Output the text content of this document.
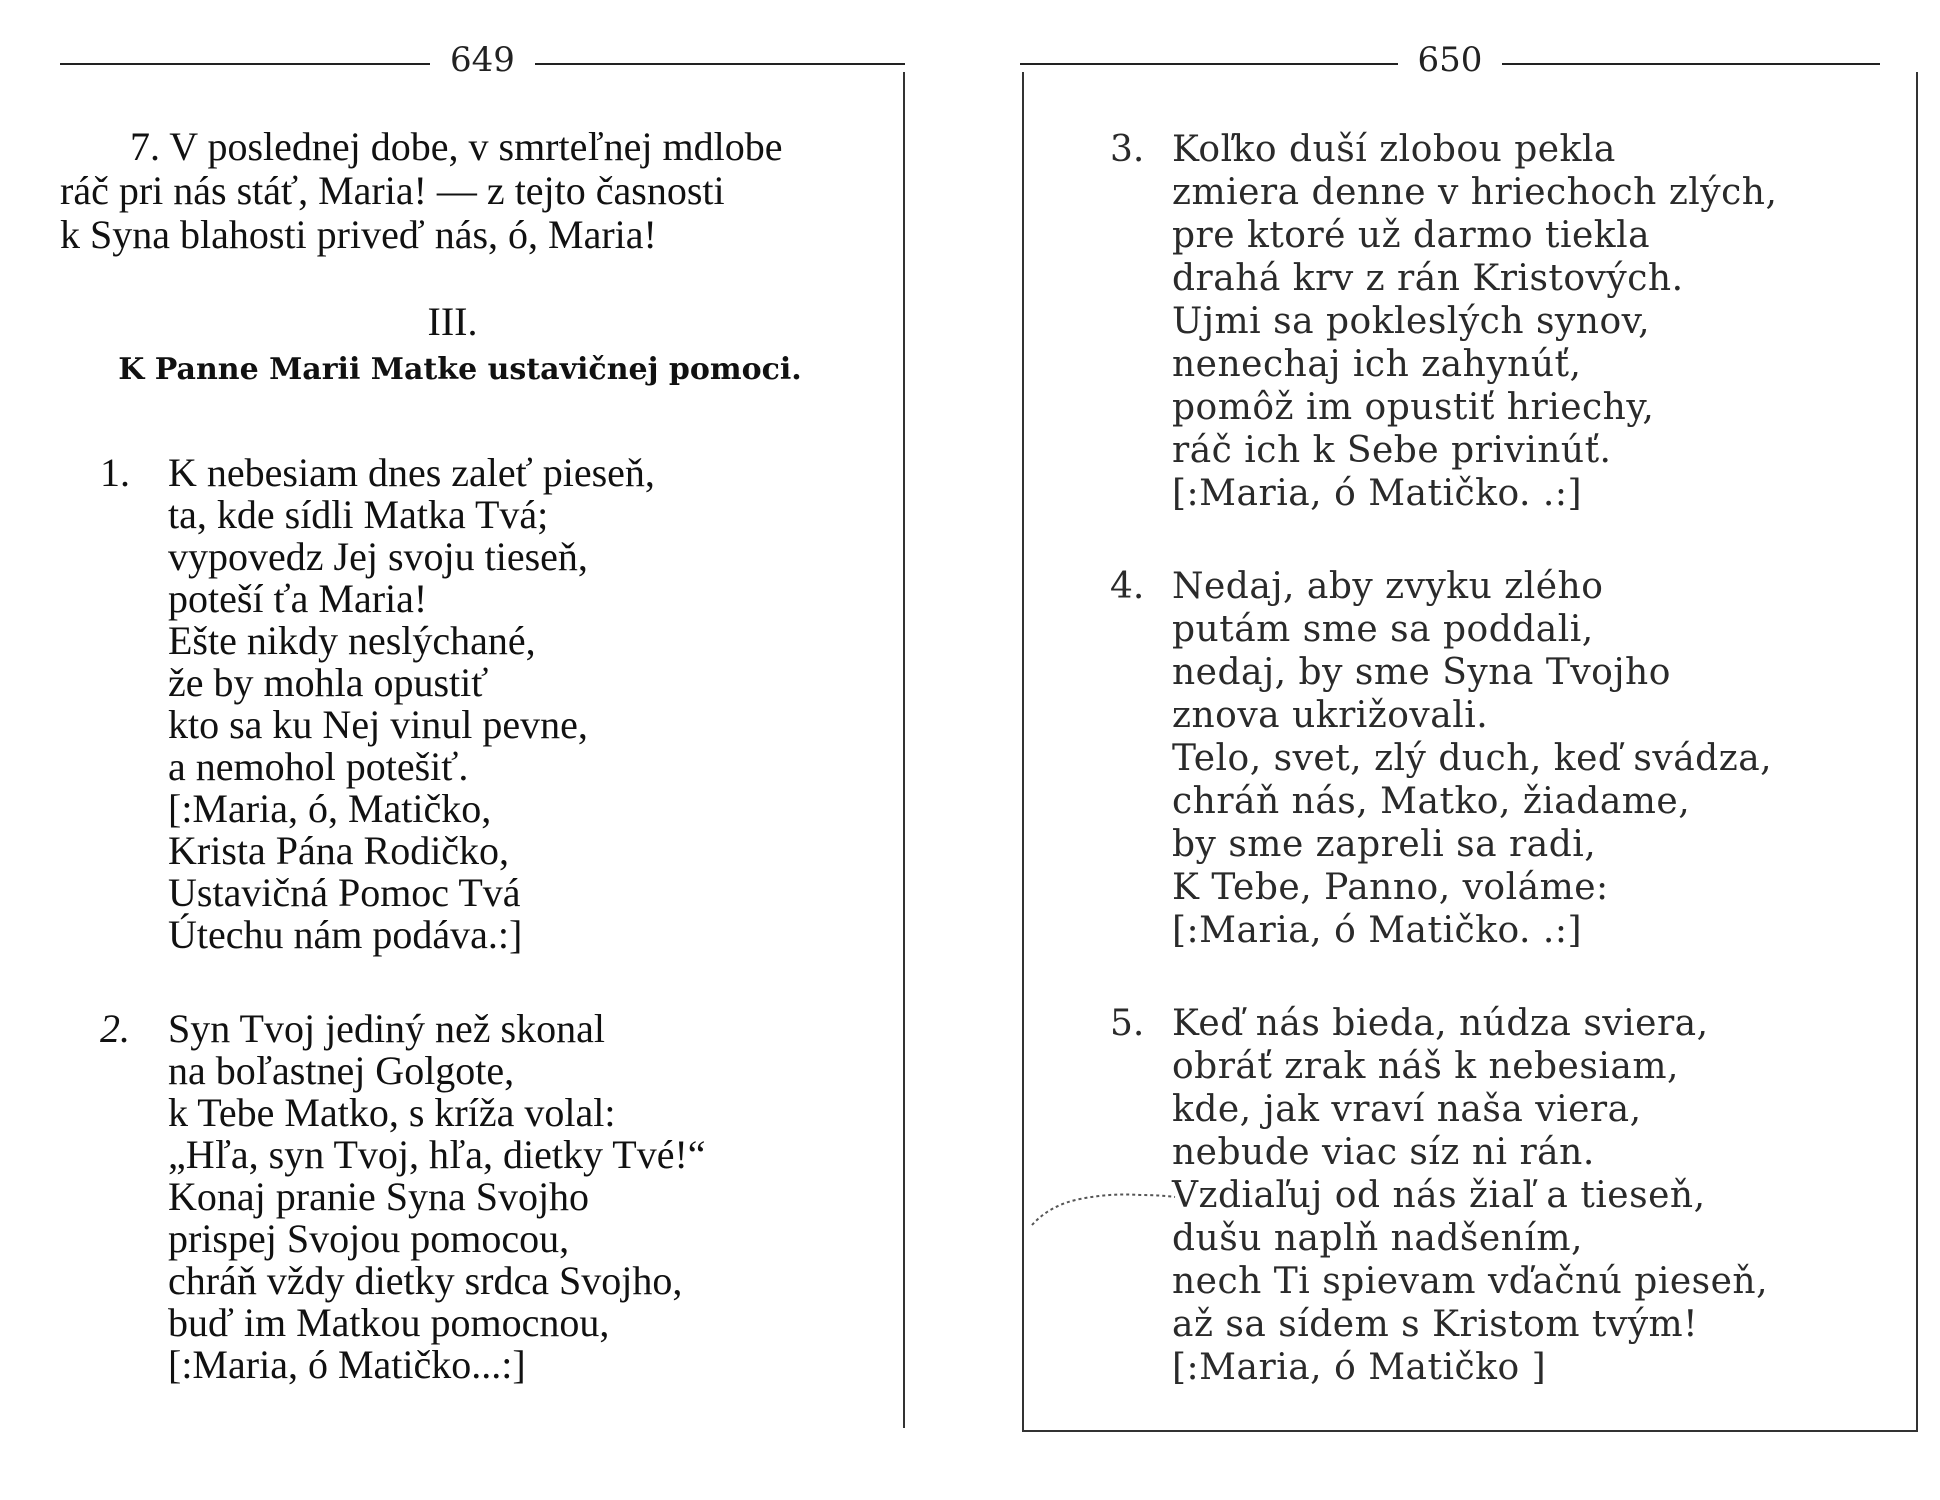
649
7. V poslednej dobe, v smrteľnej mdlobe
ráč pri nás stáť, Maria! — z tejto časnosti
k Syna blahosti priveď nás, ó, Maria!
III.
K Panne Marii Matke ustavičnej pomoci.
1. K nebesiam dnes zaleť pieseň,
ta, kde sídli Matka Tvá;
vypovedz Jej svoju tieseň,
poteší ťa Maria!
Ešte nikdy neslýchané,
že by mohla opustiť
kto sa ku Nej vinul pevne,
a nemohol potešiť.
[:Maria, ó, Matičko,
Krista Pána Rodičko,
Ustavičná Pomoc Tvá
Útechu nám podáva.:]
2. Syn Tvoj jediný než skonal
na boľastnej Golgote,
k Tebe Matko, s kríža volal:
„Hľa, syn Tvoj, hľa, dietky Tvé!“
Konaj pranie Syna Svojho
prispej Svojou pomocou,
chráň vždy dietky srdca Svojho,
buď im Matkou pomocnou,
[:Maria, ó Matičko...:]
650
3. Koľko duší zlobou pekla
zmiera denne v hriechoch zlých,
pre ktoré už darmo tiekla
drahá krv z rán Kristových.
Ujmi sa pokleslých synov,
nenechaj ich zahynúť,
pomôž im opustiť hriechy,
ráč ich k Sebe privinúť.
[:Maria, ó Matičko. .:]
4. Nedaj, aby zvyku zlého
putám sme sa poddali,
nedaj, by sme Syna Tvojho
znova ukrižovali.
Telo, svet, zlý duch, keď svádza,
chráň nás, Matko, žiadame,
by sme zapreli sa radi,
K Tebe, Panno, voláme:
[:Maria, ó Matičko. .:]
5. Keď nás bieda, núdza sviera,
obráť zrak náš k nebesiam,
kde, jak vraví naša viera,
nebude viac síz ni rán.
Vzdiaľuj od nás žiaľ a tieseň,
dušu naplň nadšením,
nech Ti spievam vďačnú pieseň,
až sa sídem s Kristom tvým!
[:Maria, ó Matičko ]
